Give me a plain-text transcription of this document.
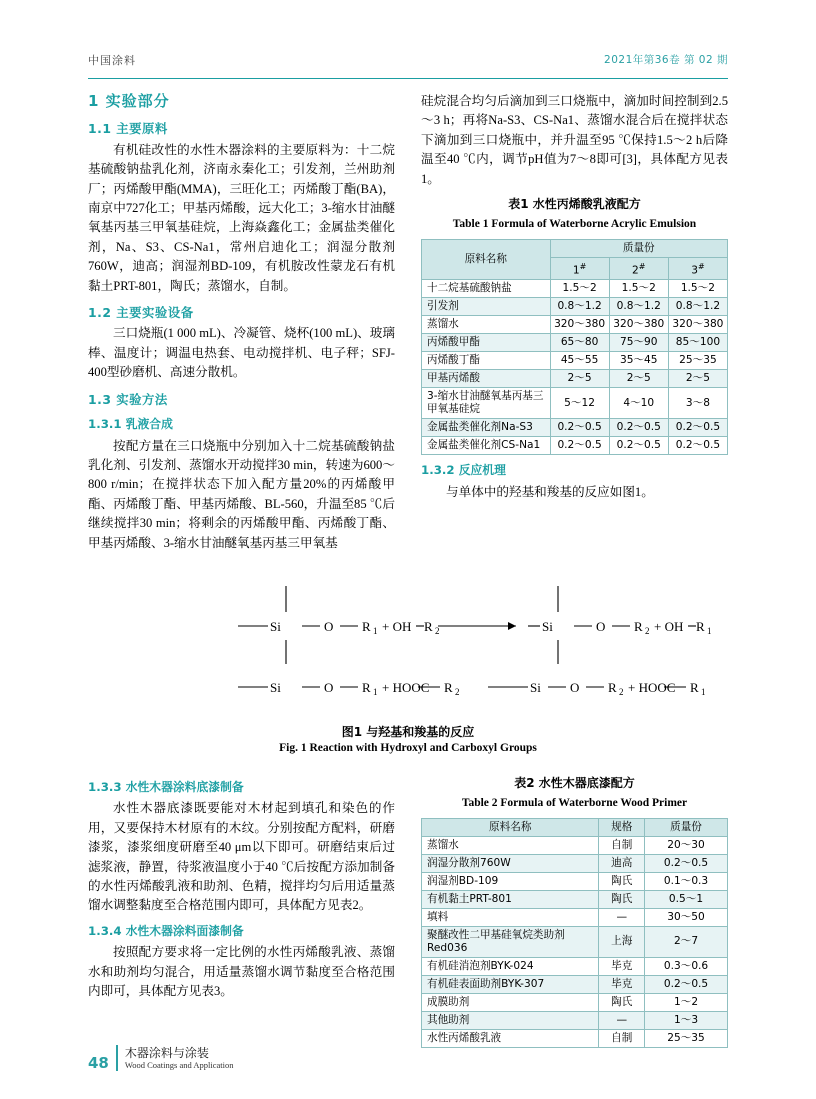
中国涂料	2021年第36卷 第 02 期
1 实验部分
1.1 主要原料

有机硅改性的水性木器涂料的主要原料为：十二烷基硫酸钠盐乳化剂，济南永秦化工；引发剂，兰州助剂厂；丙烯酸甲酯(MMA)，三旺化工；丙烯酸丁酯(BA)，南京中727化工；甲基丙烯酸，远大化工；3-缩水甘油醚氧基丙基三甲氧基硅烷，上海焱鑫化工；金属盐类催化剂，Na、S3、CS-Na1，常州启迪化工；润湿分散剂760W，迪高；润湿剂BD-109，有机胺改性蒙龙石有机黏土PRT-801，陶氏；蒸馏水，自制。

1.2 主要实验设备

三口烧瓶(1 000 mL)、冷凝管、烧杯(100 mL)、玻璃棒、温度计；调温电热套、电动搅拌机、电子秤；SFJ-400型砂磨机、高速分散机。

1.3 实验方法
1.3.1 乳液合成

按配方量在三口烧瓶中分别加入十二烷基硫酸钠盐乳化剂、引发剂、蒸馏水开动搅拌30 min，转速为600～800 r/min；在搅拌状态下加入配方量20%的丙烯酸甲酯、丙烯酸丁酯、甲基丙烯酸、BL-560，升温至85 ℃后继续搅拌30 min；将剩余的丙烯酸甲酯、丙烯酸丁酯、甲基丙烯酸、3-缩水甘油醚氧基丙基三甲氧基

硅烷混合均匀后滴加到三口烧瓶中，滴加时间控制到2.5～3 h；再将Na-S3、CS-Na1、蒸馏水混合后在搅拌状态下滴加到三口烧瓶中，并升温至95 ℃保持1.5～2 h后降温至40 ℃内，调节pH值为7～8即可[3]，具体配方见表1。

表1 水性丙烯酸乳液配方
Table 1 Formula of Waterborne Acrylic Emulsion
原料名称	质量份		
	1#	2#	3#
十二烷基硫酸钠盐	1.5～2	1.5～2	1.5～2
引发剂	0.8～1.2	0.8～1.2	0.8～1.2
蒸馏水	320～380	320～380	320～380
丙烯酸甲酯	65～80	75～90	85～100
丙烯酸丁酯	45～55	35～45	25～35
甲基丙烯酸	2～5	2～5	2～5
3-缩水甘油醚氧基丙基三甲氧基硅烷	5～12	4～10	3～8
金属盐类催化剂Na-S3	0.2～0.5	0.2～0.5	0.2～0.5
金属盐类催化剂CS-Na1	0.2～0.5	0.2～0.5	0.2～0.5
1.3.2 反应机理

与单体中的羟基和羧基的反应如图1。

Si	O R 1 + OH R 2	Si	O R 2 + OH R 1
Si	O R 1 + HOOC R 2	Si O R 2 + HOOC R 1
图1 与羟基和羧基的反应
Fig. 1 Reaction with Hydroxyl and Carboxyl Groups
1.3.3 水性木器涂料底漆制备

水性木器底漆既要能对木材起到填孔和染色的作用，又要保持木材原有的木纹。分别按配方配料，研磨漆浆，漆浆细度研磨至40 μm以下即可。研磨结束后过滤浆液，静置，待浆液温度小于40 ℃后按配方添加制备的水性丙烯酸乳液和助剂、色精，搅拌均匀后用适量蒸馏水调整黏度至合格范围内即可，具体配方见表2。

1.3.4 水性木器涂料面漆制备

按照配方要求将一定比例的水性丙烯酸乳液、蒸馏水和助剂均匀混合，用适量蒸馏水调节黏度至合格范围内即可，具体配方见表3。

表2 水性木器底漆配方
Table 2 Formula of Waterborne Wood Primer
原料名称	规格	质量份
蒸馏水	自制	20～30
润湿分散剂760W	迪高	0.2～0.5
润湿剂BD-109	陶氏	0.1～0.3
有机黏土PRT-801	陶氏	0.5～1
填料	—	30～50
聚醚改性二甲基硅氧烷类助剂Red036	上海	2～7
有机硅消泡剂BYK-024	毕克	0.3～0.6
有机硅表面助剂BYK-307	毕克	0.2～0.5
成膜助剂	陶氏	1～2
其他助剂	—	1～3
水性丙烯酸乳液	自制	25～35
48
木器涂料与涂装
Wood Coatings and Application
